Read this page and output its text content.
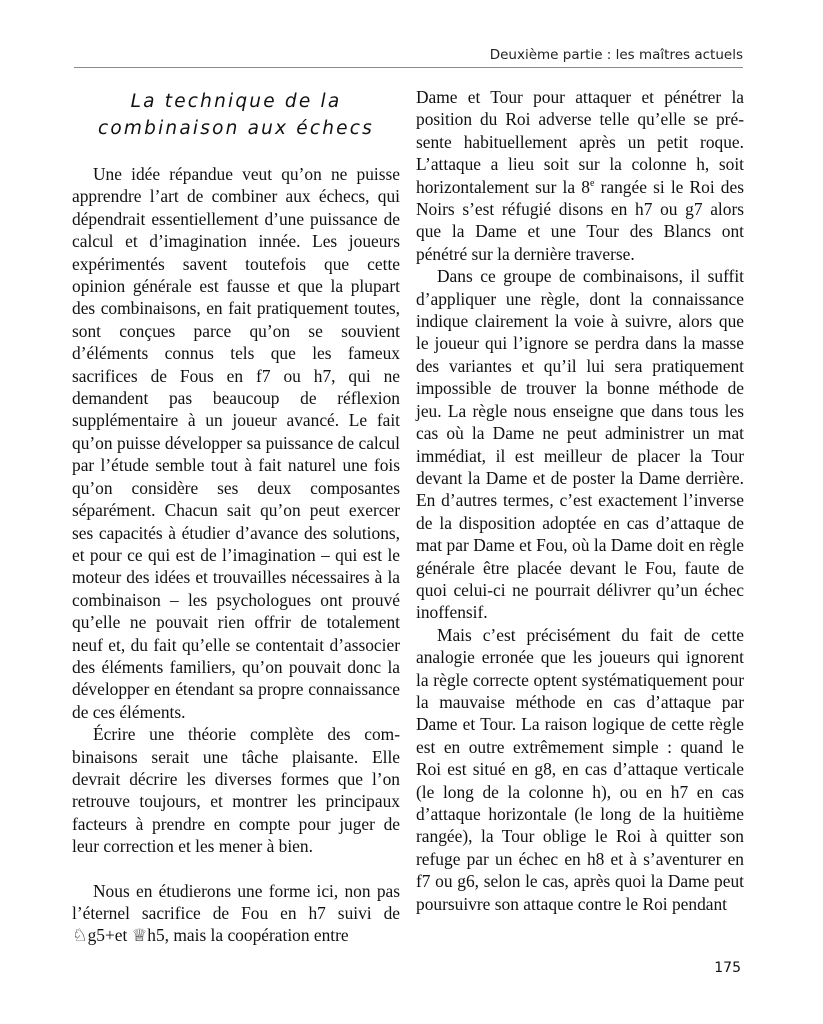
Deuxième partie : les maîtres actuels
La technique de la
combinaison aux échecs

Une idée répandue veut qu’on ne puisse apprendre l’art de combiner aux échecs, qui dépendrait essentiellement d’une puissance de calcul et d’imagination innée. Les joueurs expérimentés savent toutefois que cette opinion générale est fausse et que la plupart des combinaisons, en fait pratiquement toutes, sont conçues parce qu’on se souvient d’éléments connus tels que les fameux sacrifices de Fous en f7 ou h7, qui ne demandent pas beaucoup de réflexion supplémentaire à un joueur avancé. Le fait qu’on puisse développer sa puissance de calcul par l’étude semble tout à fait naturel une fois qu’on considère ses deux composantes séparément. Chacun sait qu’on peut exercer ses capacités à étudier d’avance des solutions, et pour ce qui est de l’imagination – qui est le moteur des idées et trouvailles nécessaires à la combinaison – les psychologues ont prouvé qu’elle ne pouvait rien offrir de totalement neuf et, du fait qu’elle se contentait d’associer des éléments familiers, qu’on pouvait donc la développer en étendant sa propre connaissance de ces éléments.

Écrire une théorie complète des combinaisons serait une tâche plaisante. Elle devrait décrire les diverses formes que l’on retrouve toujours, et montrer les principaux facteurs à prendre en compte pour juger de leur correction et les mener à bien.

Nous en étudierons une forme ici, non pas l’éternel sacrifice de Fou en h7 suivi de ♘g5+et ♕h5, mais la coopération entre

Dame et Tour pour attaquer et pénétrer la position du Roi adverse telle qu’elle se présente habituellement après un petit roque. L’attaque a lieu soit sur la colonne h, soit horizontalement sur la 8e rangée si le Roi des Noirs s’est réfugié disons en h7 ou g7 alors que la Dame et une Tour des Blancs ont pénétré sur la dernière traverse.

Dans ce groupe de combinaisons, il suffit d’appliquer une règle, dont la connaissance indique clairement la voie à suivre, alors que le joueur qui l’ignore se perdra dans la masse des variantes et qu’il lui sera pratiquement impossible de trouver la bonne méthode de jeu. La règle nous enseigne que dans tous les cas où la Dame ne peut administrer un mat immédiat, il est meilleur de placer la Tour devant la Dame et de poster la Dame derrière. En d’autres termes, c’est exactement l’inverse de la disposition adoptée en cas d’attaque de mat par Dame et Fou, où la Dame doit en règle générale être placée devant le Fou, faute de quoi celui-ci ne pourrait délivrer qu’un échec inoffensif.

Mais c’est précisément du fait de cette analogie erronée que les joueurs qui ignorent la règle correcte optent systématiquement pour la mauvaise méthode en cas d’attaque par Dame et Tour. La raison logique de cette règle est en outre extrêmement simple : quand le Roi est situé en g8, en cas d’attaque verticale (le long de la colonne h), ou en h7 en cas d’attaque horizontale (le long de la huitième rangée), la Tour oblige le Roi à quitter son refuge par un échec en h8 et à s’aventurer en f7 ou g6, selon le cas, après quoi la Dame peut poursuivre son attaque contre le Roi pendant

175
